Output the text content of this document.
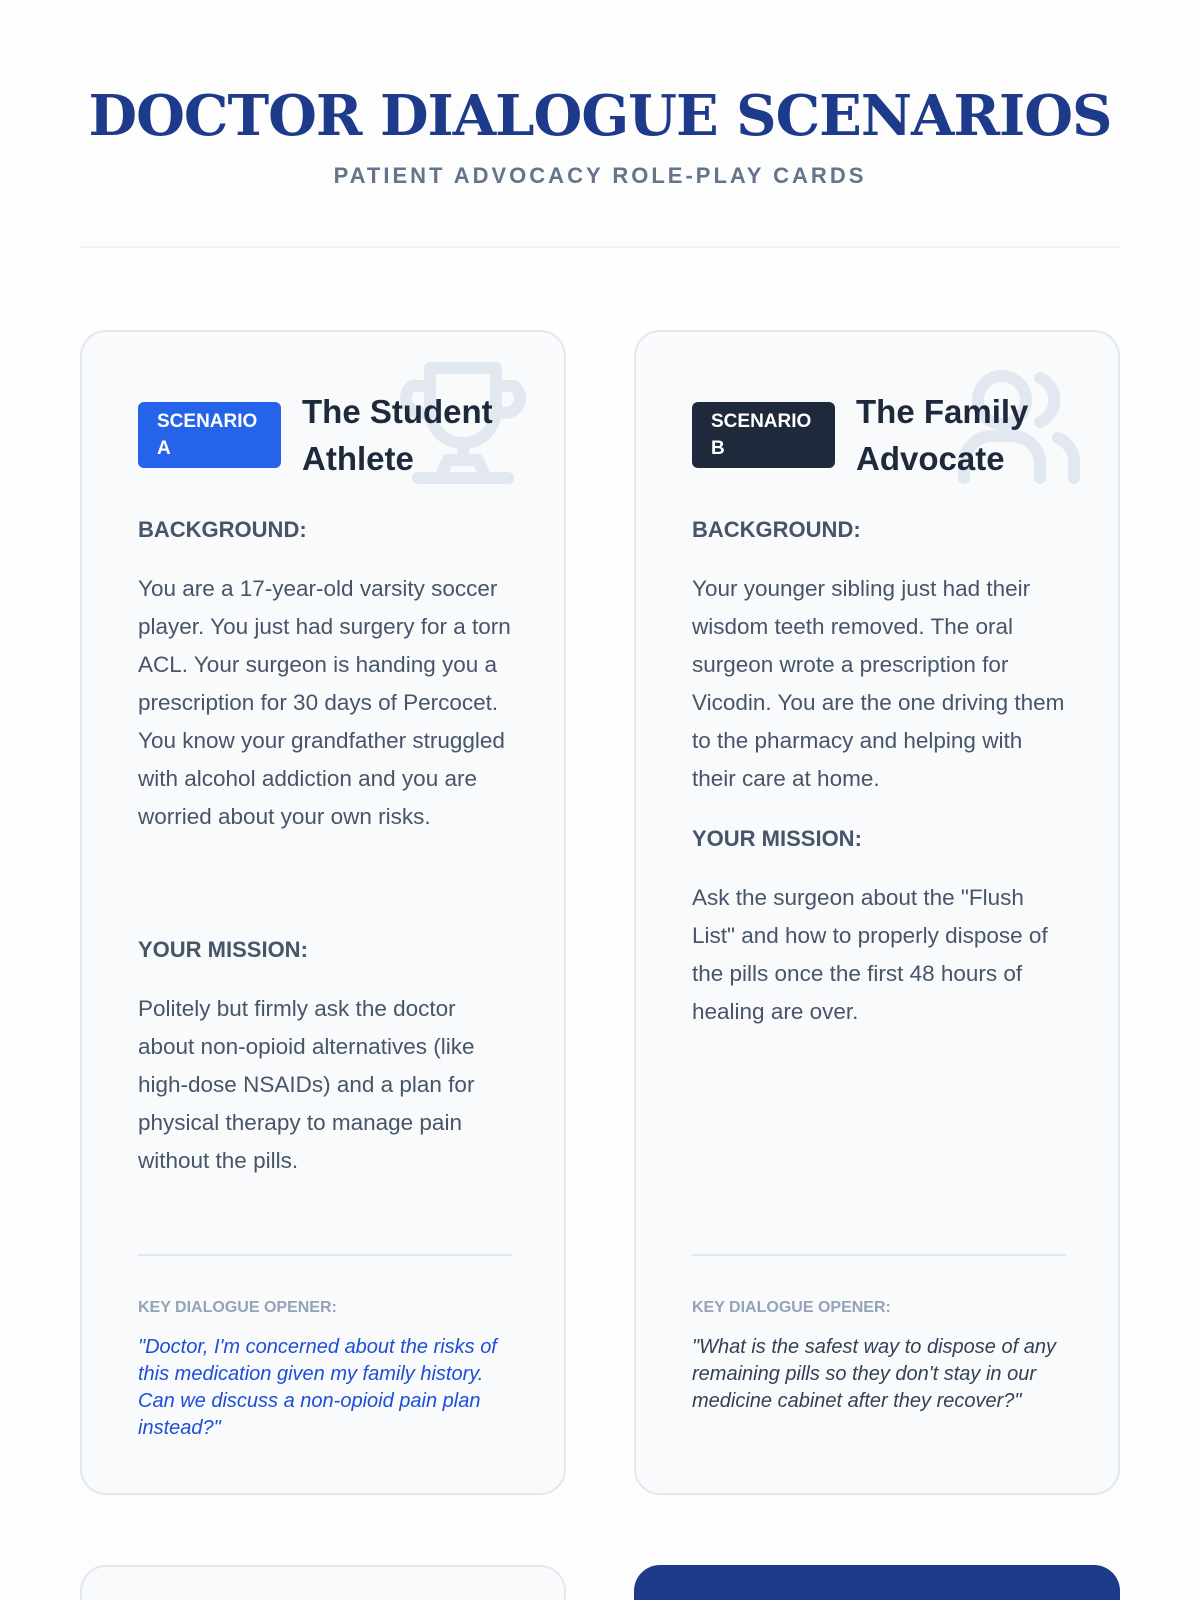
DOCTOR DIALOGUE SCENARIOS
PATIENT ADVOCACY ROLE-PLAY CARDS
SCENARIO A
The Student Athlete
BACKGROUND:

You are a 17-year-old varsity soccer player. You just had surgery for a torn ACL. Your surgeon is handing you a prescription for 30 days of Percocet. You know your grandfather struggled with alcohol addiction and you are worried about your own risks.

YOUR MISSION:

Politely but firmly ask the doctor about non-opioid alternatives (like high-dose NSAIDs) and a plan for physical therapy to manage pain without the pills.

KEY DIALOGUE OPENER:

"Doctor, I'm concerned about the risks of this medication given my family history. Can we discuss a non-opioid pain plan instead?"

SCENARIO B
The Family Advocate
BACKGROUND:

Your younger sibling just had their wisdom teeth removed. The oral surgeon wrote a prescription for Vicodin. You are the one driving them to the pharmacy and helping with their care at home.

YOUR MISSION:

Ask the surgeon about the "Flush List" and how to properly dispose of the pills once the first 48 hours of healing are over.

KEY DIALOGUE OPENER:

"What is the safest way to dispose of any remaining pills so they don't stay in our medicine cabinet after they recover?"
